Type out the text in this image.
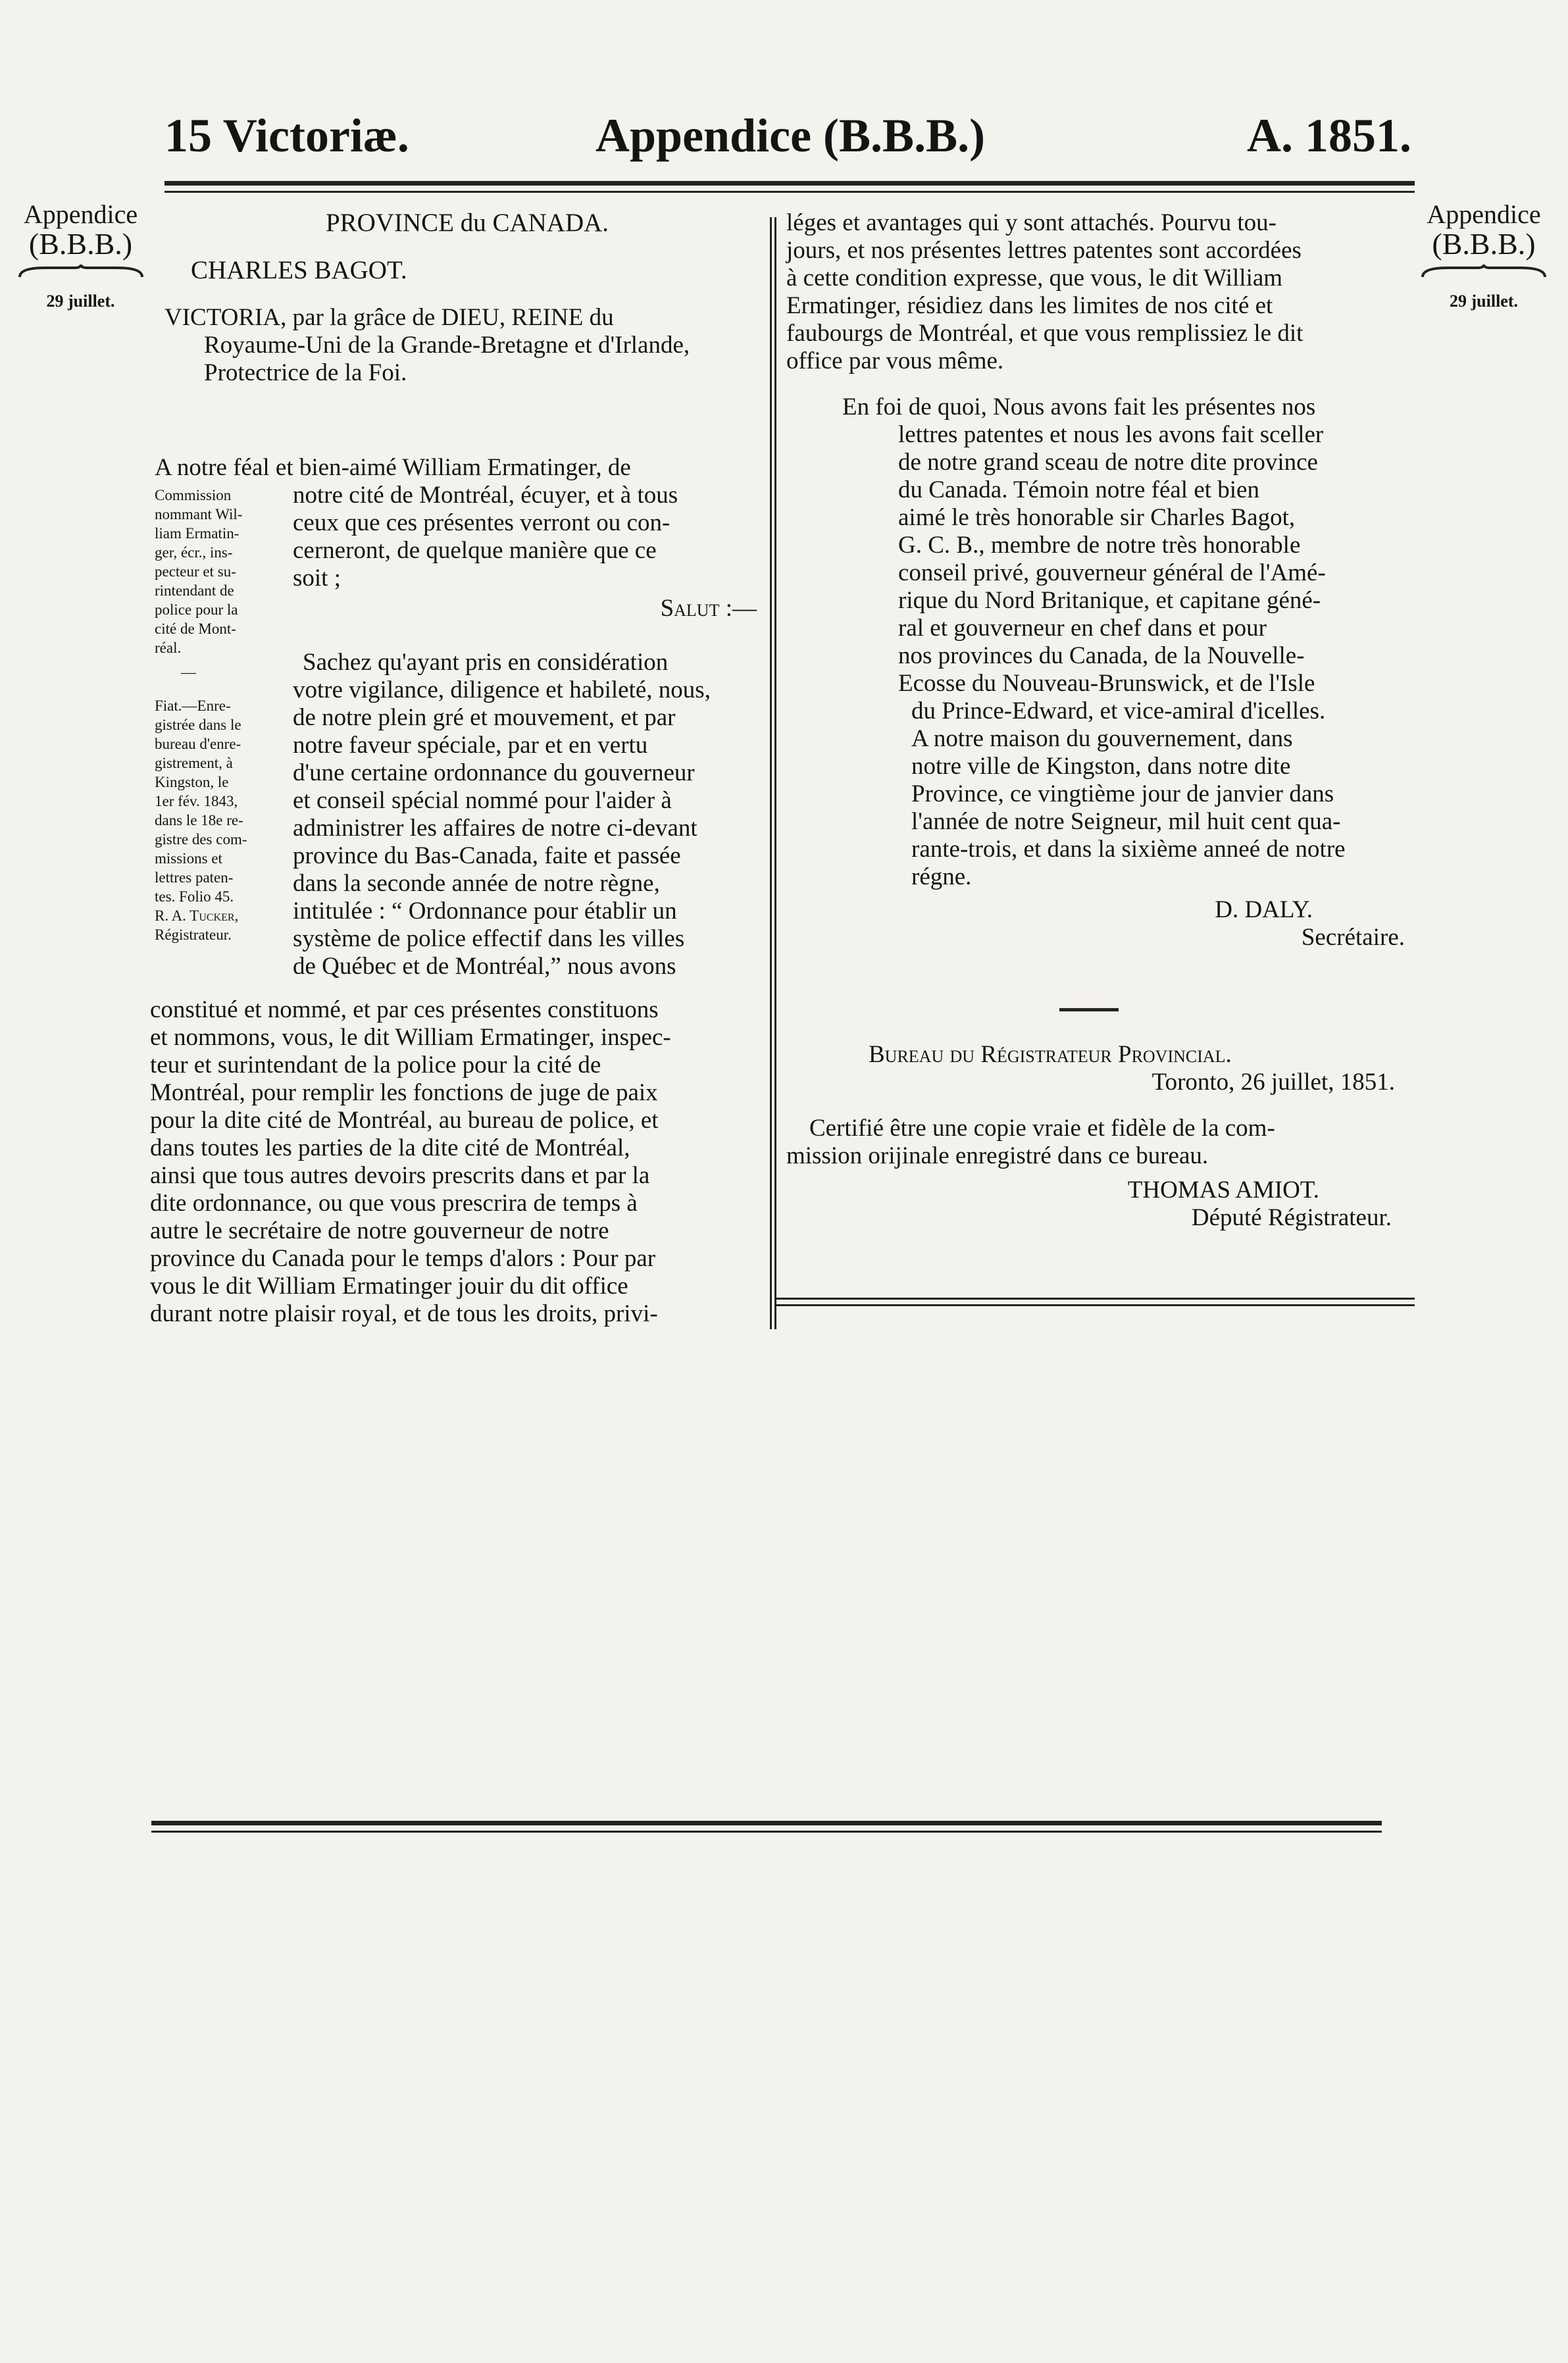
15 Victoriæ.	Appendice (B.B.B.)	A. 1851.
Appendice
(B.B.B.)
29 juillet.
Appendice
(B.B.B.)
29 juillet.

PROVINCE du CANADA.

CHARLES BAGOT.

VICTORIA, par la grâce de DIEU, REINE du

Royaume-Uni de la Grande-Bretagne et d'Irlande,

Protectrice de la Foi.

A notre féal et bien-aimé William Ermatinger, de

Commission
nommant Wil-
liam Ermatin-
ger, écr., ins-
pecteur et su-
rintendant de
police pour la
cité de Mont-
réal.
—
Fiat.—Enre-
gistrée dans le
bureau d'enre-
gistrement, à
Kingston, le
1er fév. 1843,
dans le 18e re-
gistre des com-
missions et
lettres paten-
tes. Folio 45.
R. A. Tucker,
Régistrateur.

notre cité de Montréal, écuyer, et à tous

ceux que ces présentes verront ou con-

cerneront, de quelque manière que ce

soit ;

Salut :—

Sachez qu'ayant pris en considération

votre vigilance, diligence et habileté, nous,

de notre plein gré et mouvement, et par

notre faveur spéciale, par et en vertu

d'une certaine ordonnance du gouverneur

et conseil spécial nommé pour l'aider à

administrer les affaires de notre ci-devant

province du Bas-Canada, faite et passée

dans la seconde année de notre règne,

intitulée : “ Ordonnance pour établir un

système de police effectif dans les villes

de Québec et de Montréal,” nous avons

constitué et nommé, et par ces présentes constituons

et nommons, vous, le dit William Ermatinger, inspec-

teur et surintendant de la police pour la cité de

Montréal, pour remplir les fonctions de juge de paix

pour la dite cité de Montréal, au bureau de police, et

dans toutes les parties de la dite cité de Montréal,

ainsi que tous autres devoirs prescrits dans et par la

dite ordonnance, ou que vous prescrira de temps à

autre le secrétaire de notre gouverneur de notre

province du Canada pour le temps d'alors : Pour par

vous le dit William Ermatinger jouir du dit office

durant notre plaisir royal, et de tous les droits, privi-

léges et avantages qui y sont attachés. Pourvu tou-

jours, et nos présentes lettres patentes sont accordées

à cette condition expresse, que vous, le dit William

Ermatinger, résidiez dans les limites de nos cité et

faubourgs de Montréal, et que vous remplissiez le dit

office par vous même.

En foi de quoi, Nous avons fait les présentes nos

lettres patentes et nous les avons fait sceller

de notre grand sceau de notre dite province

du Canada. Témoin notre féal et bien

aimé le très honorable sir Charles Bagot,

G. C. B., membre de notre très honorable

conseil privé, gouverneur général de l'Amé-

rique du Nord Britanique, et capitane géné-

ral et gouverneur en chef dans et pour

nos provinces du Canada, de la Nouvelle-

Ecosse du Nouveau-Brunswick, et de l'Isle

du Prince-Edward, et vice-amiral d'icelles.

A notre maison du gouvernement, dans

notre ville de Kingston, dans notre dite

Province, ce vingtième jour de janvier dans

l'année de notre Seigneur, mil huit cent qua-

rante-trois, et dans la sixième anneé de notre

régne.

D. DALY.

Secrétaire.

Bureau du Régistrateur Provincial.

Toronto, 26 juillet, 1851.

Certifié être une copie vraie et fidèle de la com-

mission orijinale enregistré dans ce bureau.

THOMAS AMIOT.

Député Régistrateur.
